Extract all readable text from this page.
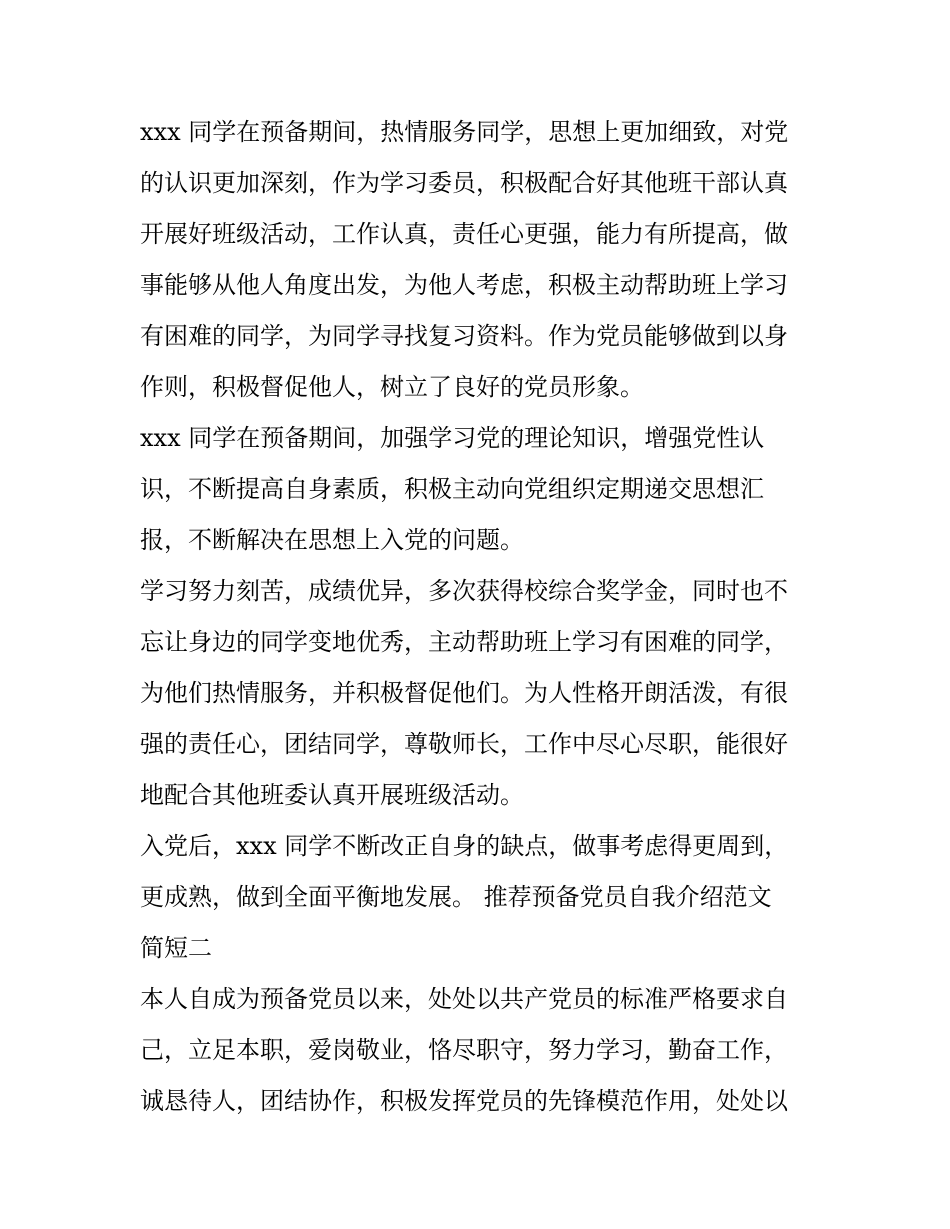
xxx 同学在预备期间，热情服务同学，思想上更加细致，对党
的认识更加深刻，作为学习委员，积极配合好其他班干部认真
开展好班级活动，工作认真，责任心更强，能力有所提高，做
事能够从他人角度出发，为他人考虑，积极主动帮助班上学习
有困难的同学，为同学寻找复习资料。作为党员能够做到以身
作则，积极督促他人，树立了良好的党员形象。
xxx 同学在预备期间，加强学习党的理论知识，增强党性认
识，不断提高自身素质，积极主动向党组织定期递交思想汇
报，不断解决在思想上入党的问题。
学习努力刻苦，成绩优异，多次获得校综合奖学金，同时也不
忘让身边的同学变地优秀，主动帮助班上学习有困难的同学，
为他们热情服务，并积极督促他们。为人性格开朗活泼，有很
强的责任心，团结同学，尊敬师长，工作中尽心尽职，能很好
地配合其他班委认真开展班级活动。
入党后，xxx 同学不断改正自身的缺点，做事考虑得更周到，
更成熟，做到全面平衡地发展。 推荐预备党员自我介绍范文
简短二
本人自成为预备党员以来，处处以共产党员的标准严格要求自
己，立足本职，爱岗敬业，恪尽职守，努力学习，勤奋工作，
诚恳待人，团结协作，积极发挥党员的先锋模范作用，处处以
